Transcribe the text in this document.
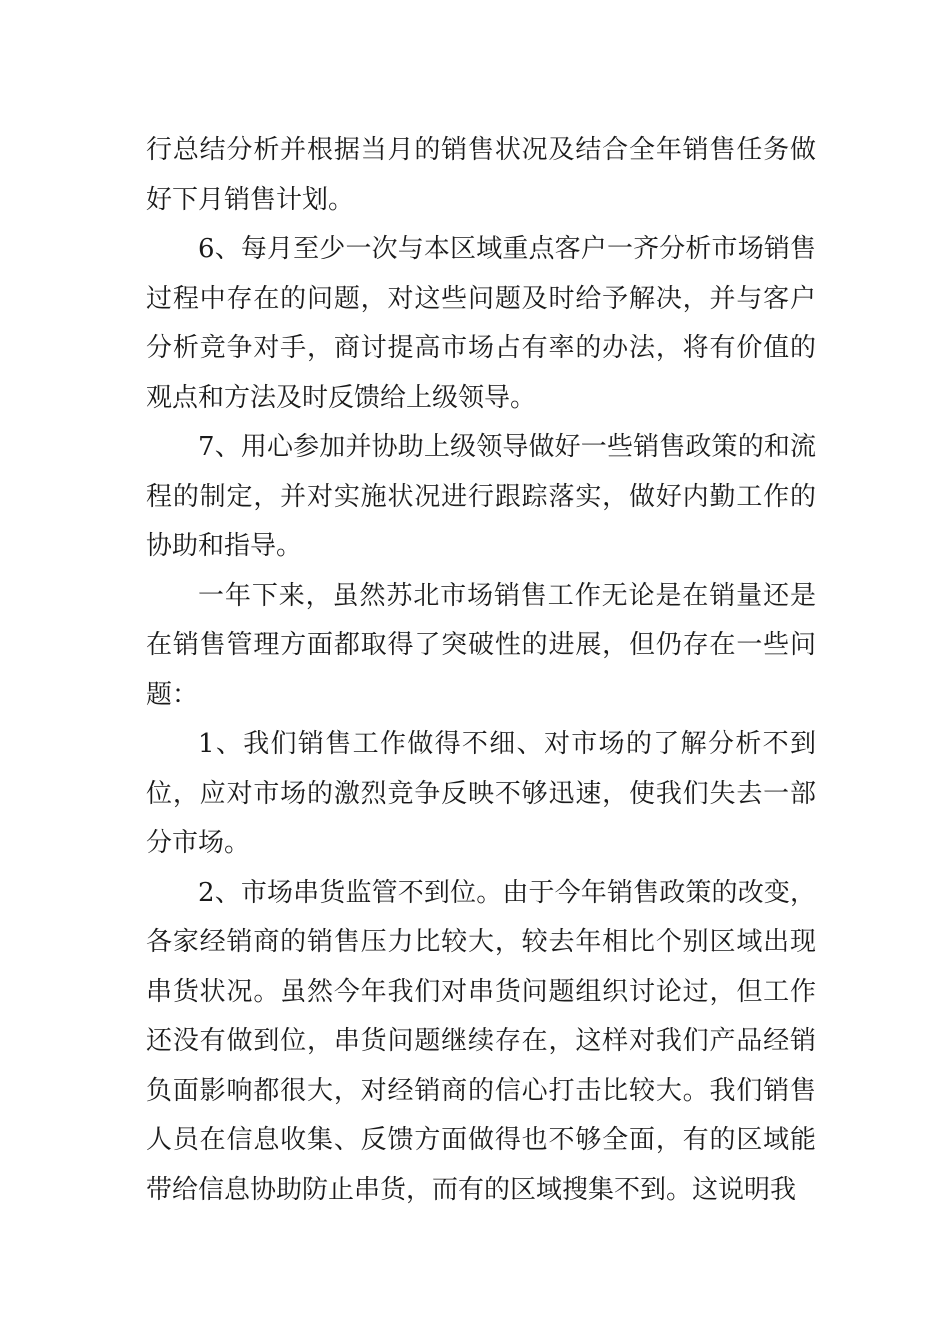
行总结分析并根据当月的销售状况及结合全年销售任务做好下月销售计划。

6、每月至少一次与本区域重点客户一齐分析市场销售过程中存在的问题，对这些问题及时给予解决，并与客户分析竞争对手，商讨提高市场占有率的办法，将有价值的观点和方法及时反馈给上级领导。

7、用心参加并协助上级领导做好一些销售政策的和流程的制定，并对实施状况进行跟踪落实，做好内勤工作的协助和指导。

一年下来，虽然苏北市场销售工作无论是在销量还是在销售管理方面都取得了突破性的进展，但仍存在一些问题：

1、我们销售工作做得不细、对市场的了解分析不到位，应对市场的激烈竞争反映不够迅速，使我们失去一部分市场。

2、市场串货监管不到位。由于今年销售政策的改变，各家经销商的销售压力比较大，较去年相比个别区域出现串货状况。虽然今年我们对串货问题组织讨论过，但工作还没有做到位，串货问题继续存在，这样对我们产品经销负面影响都很大，对经销商的信心打击比较大。我们销售人员在信息收集、反馈方面做得也不够全面，有的区域能带给信息协助防止串货，而有的区域搜集不到。这说明我
